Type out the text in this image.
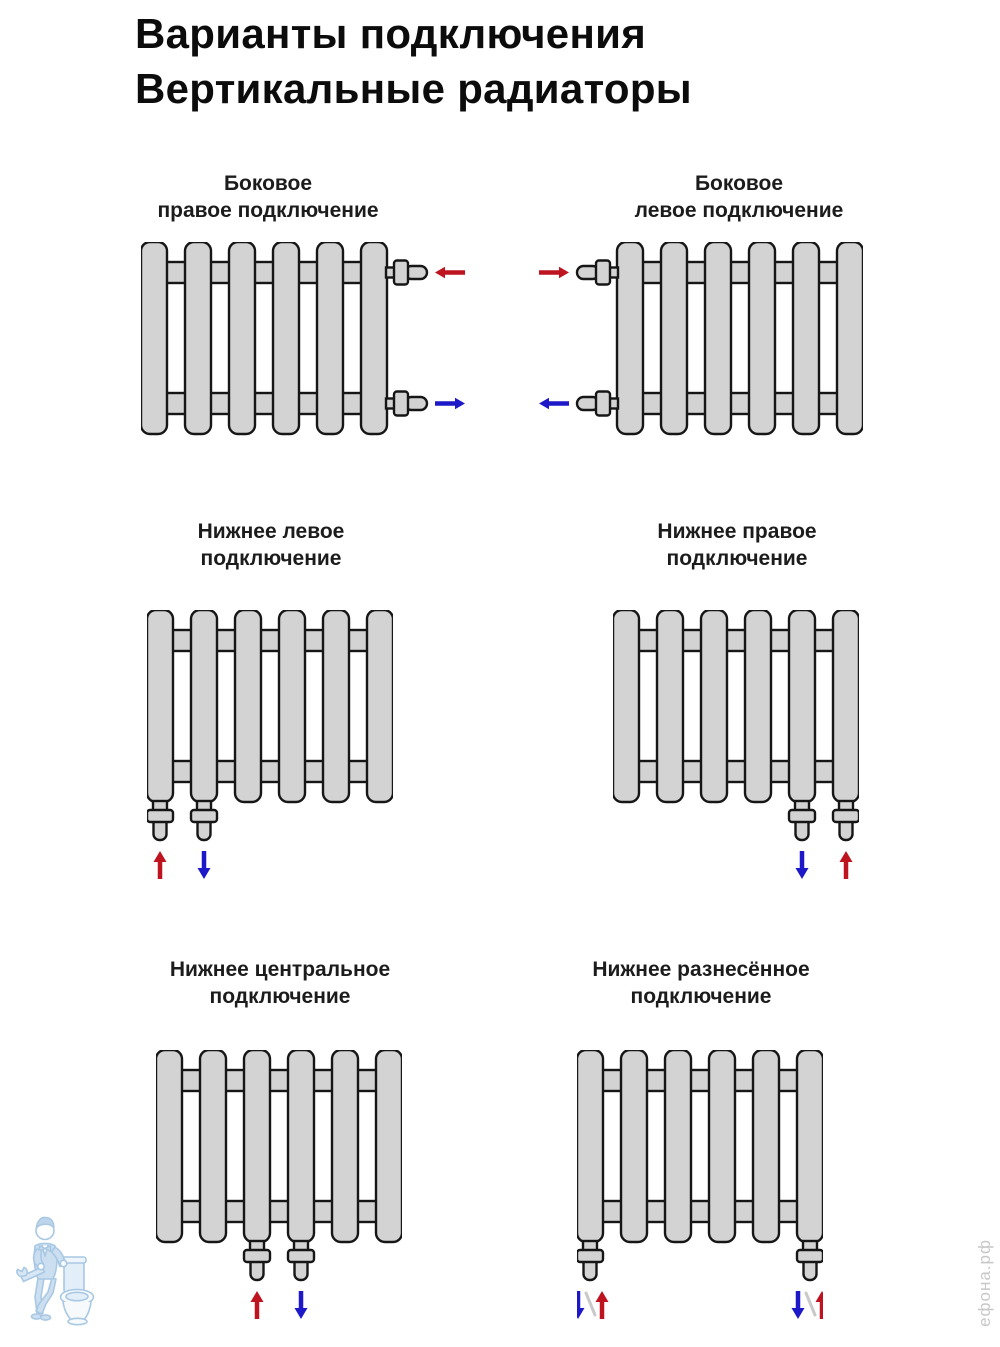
Варианты подключения
Вертикальные радиаторы
Боковое
правое подключение
Боковое
левое подключение
Нижнее левое
подключение
Нижнее правое
подключение
Нижнее центральное
подключение
Нижнее разнесённое
подключение
ефона.рф
